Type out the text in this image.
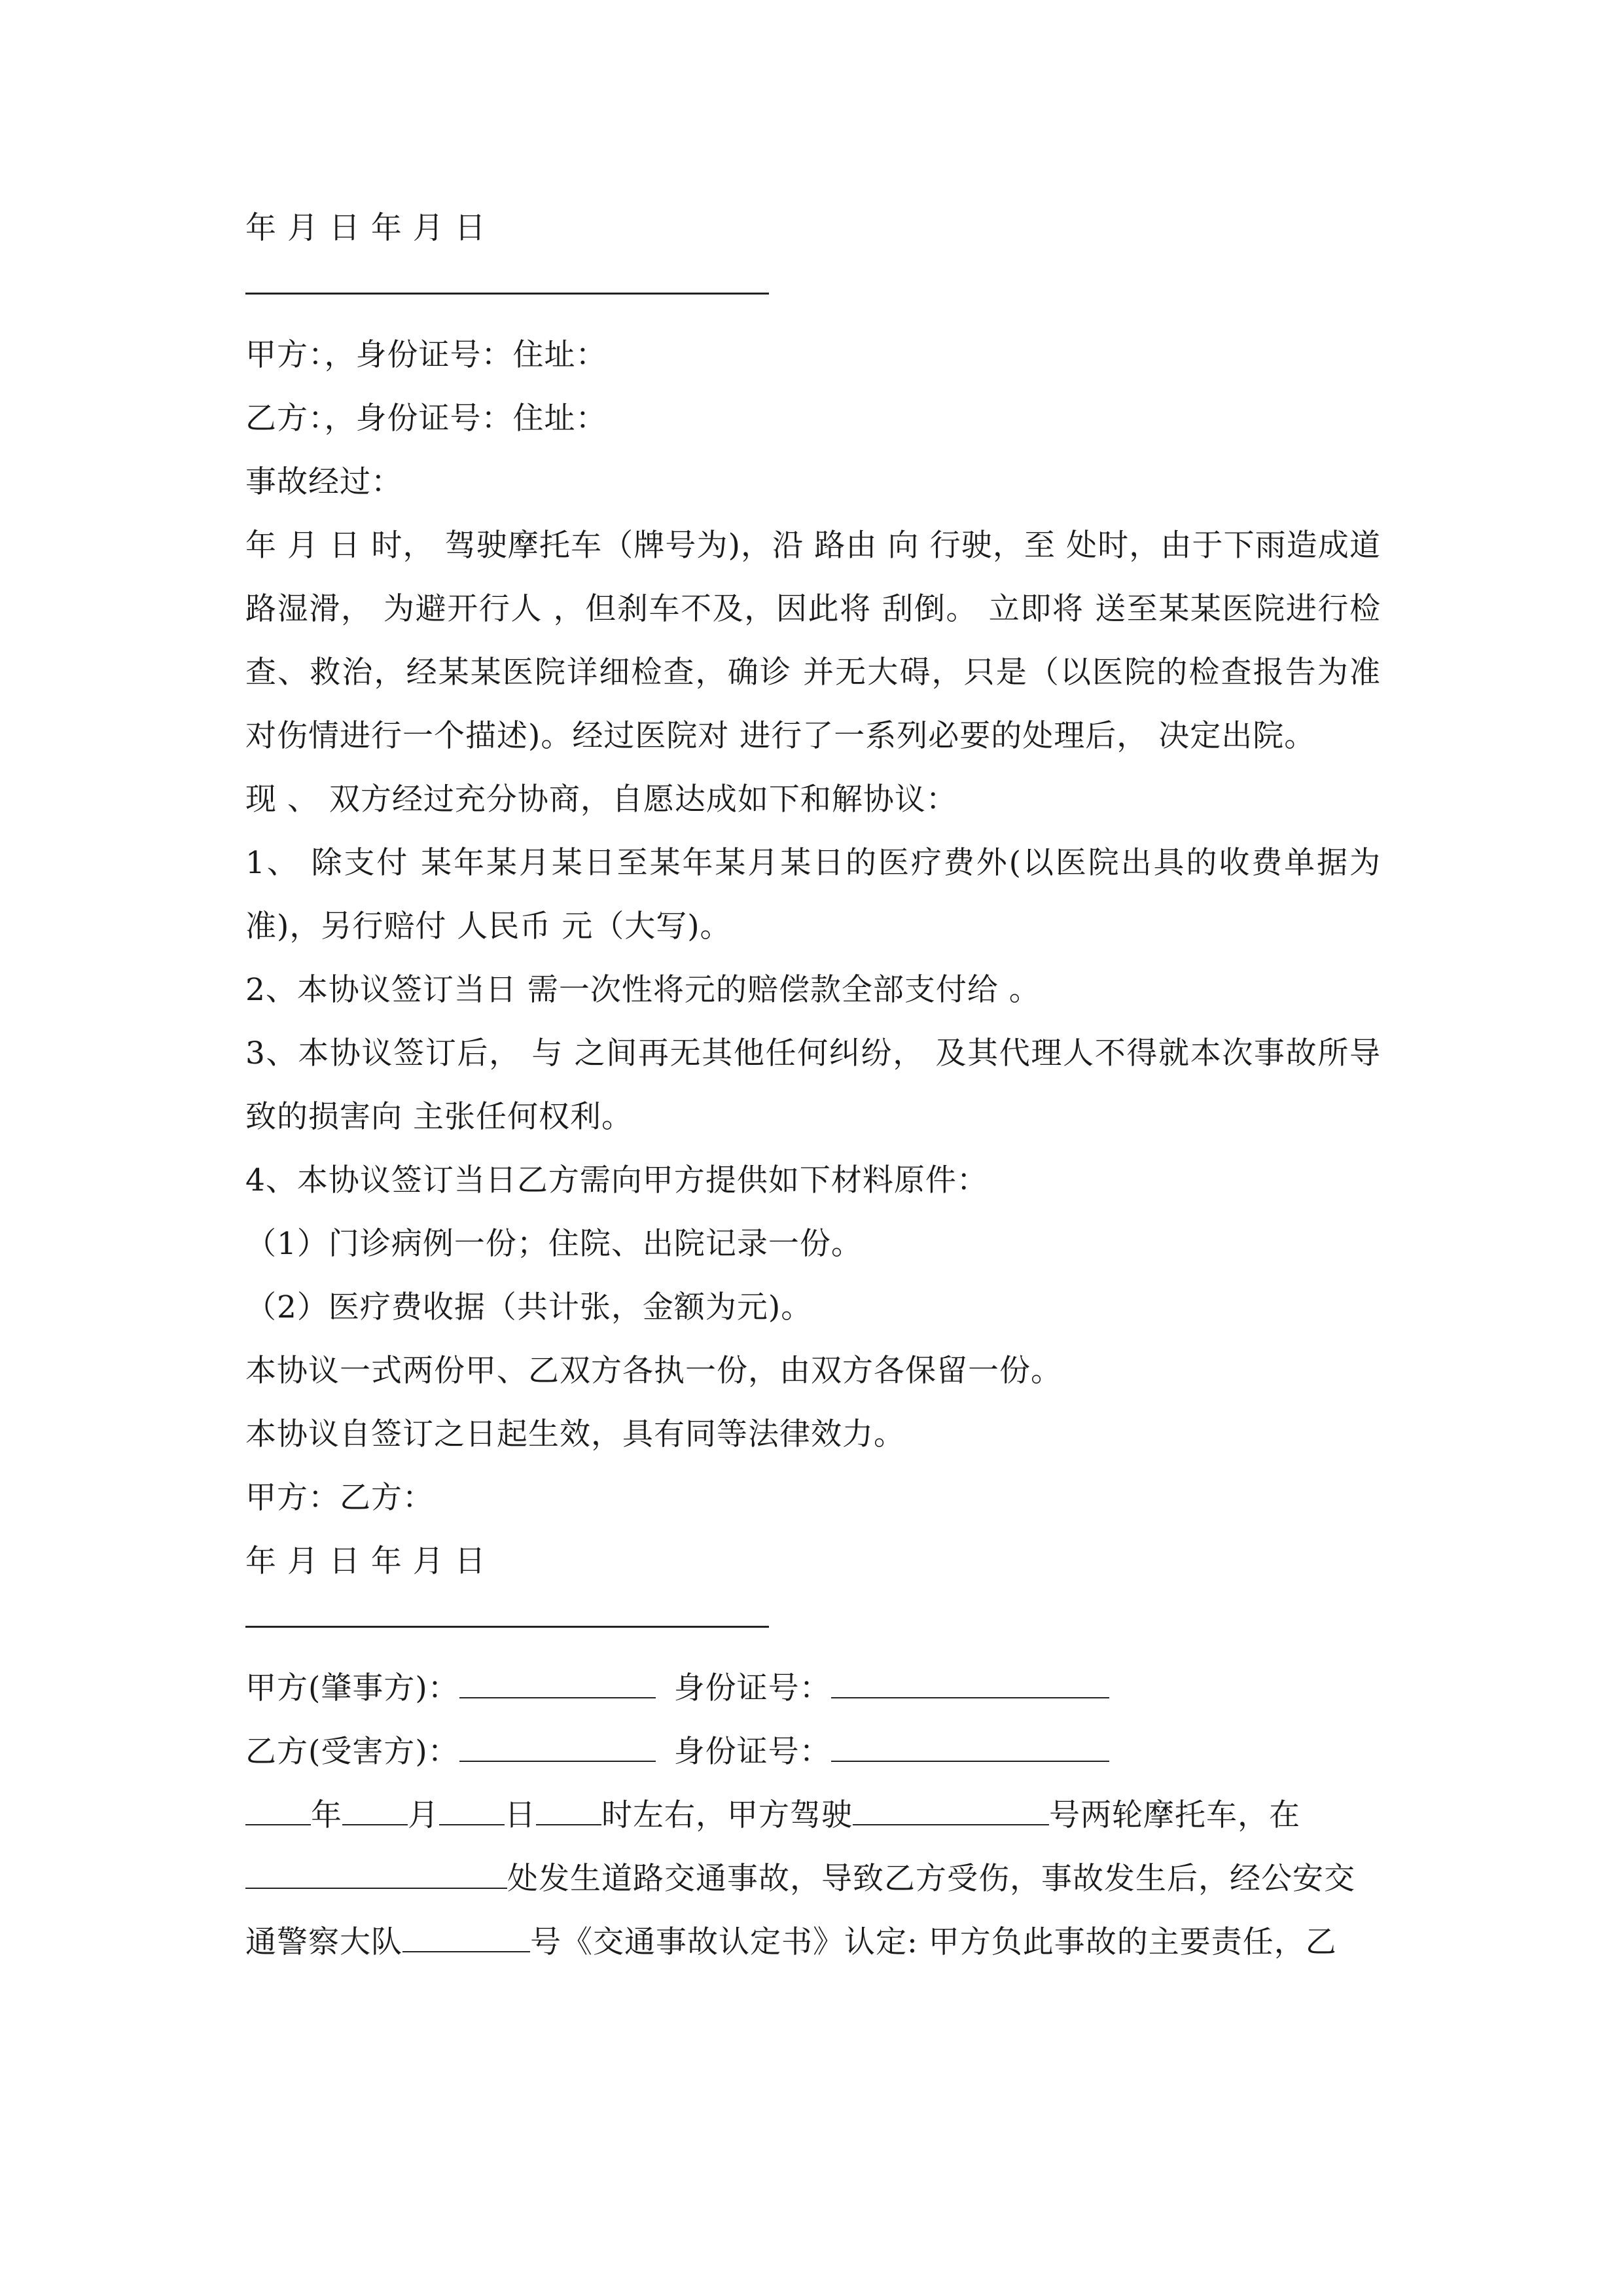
年 月 日 年 月 日
甲方：，身份证号：住址：
乙方：，身份证号：住址：
事故经过：
年 月 日 时， 驾驶摩托车（牌号为)，沿 路由 向 行驶，至 处时，由于下雨造成道路湿滑， 为避开行人 ，但刹车不及，因此将 刮倒。 立即将 送至某某医院进行检查、救治，经某某医院详细检查，确诊 并无大碍，只是（以医院的检查报告为准对伤情进行一个描述)。经过医院对 进行了一系列必要的处理后， 决定出院。
现 、 双方经过充分协商，自愿达成如下和解协议：
1、 除支付 某年某月某日至某年某月某日的医疗费外(以医院出具的收费单据为准)，另行赔付 人民币 元（大写)。
2、本协议签订当日 需一次性将元的赔偿款全部支付给 。
3、本协议签订后， 与 之间再无其他任何纠纷， 及其代理人不得就本次事故所导致的损害向 主张任何权利。
4、本协议签订当日乙方需向甲方提供如下材料原件：
（1）门诊病例一份；住院、出院记录一份。
（2）医疗费收据（共计张，金额为元)。
本协议一式两份甲、乙双方各执一份，由双方各保留一份。
本协议自签订之日起生效，具有同等法律效力。
甲方：乙方：
年 月 日 年 月 日
甲方(肇事方)：	身份证号：
乙方(受害方)：	身份证号：
年 月 日 时左右，甲方驾驶	号两轮摩托车，在
处发生道路交通事故，导致乙方受伤，事故发生后，经公安交
通警察大队	号《交通事故认定书》认定: 甲方负此事故的主要责任，乙
